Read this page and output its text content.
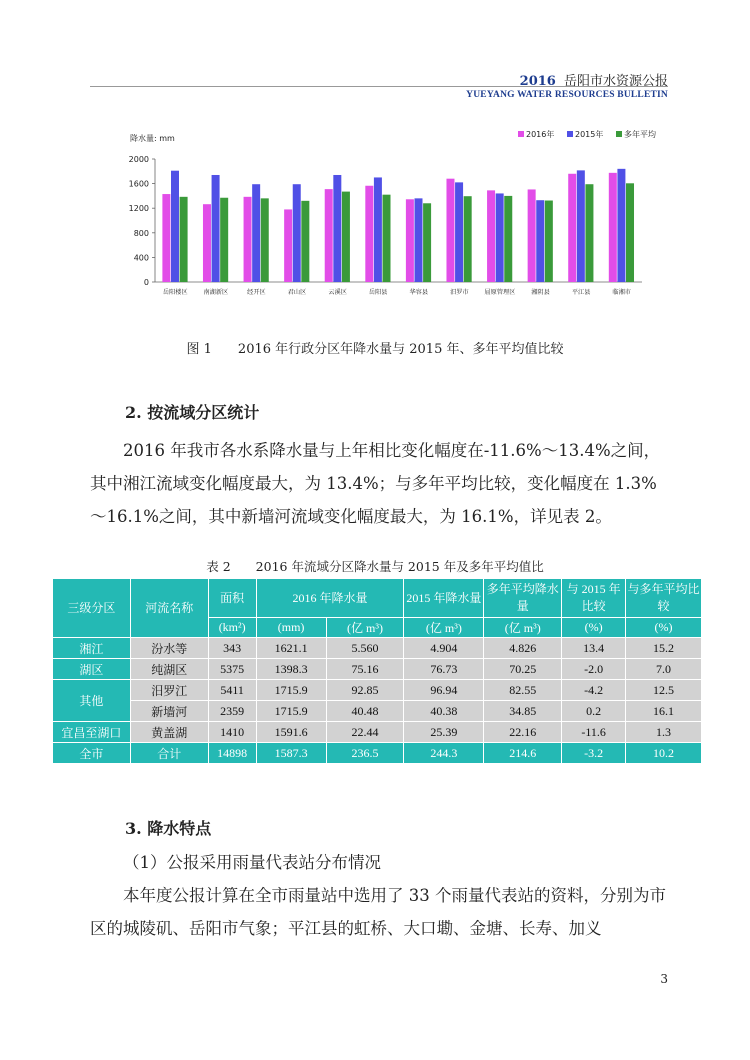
2016 岳阳市水资源公报
YUEYANG WATER RESOURCES BULLETIN
降水量: mm
0
400
800
1200
1600
2000
岳阳楼区	南湖新区	经开区	君山区	云溪区	岳阳县	华容县	汨罗市	屈原管理区	湘阴县	平江县	临湘市
2016年	2015年	多年平均
图 1　　2016 年行政分区年降水量与 2015 年、多年平均值比较
2. 按流域分区统计

2016 年我市各水系降水量与上年相比变化幅度在-11.6%～13.4%之间，其中湘江流域变化幅度最大，为 13.4%；与多年平均比较，变化幅度在 1.3%～16.1%之间，其中新墙河流域变化幅度最大，为 16.1%，详见表 2。

表 2　　2016 年流域分区降水量与 2015 年及多年平均值比
三级分区	河流名称	面积	2016 年降水量		2015 年降水量	多年平均降水量	与 2015 年比较	与多年平均比较
		(km²)	(mm)	(亿 m³)	(亿 m³)	(亿 m³)	(%)	(%)
湘江	汾水等	343	1621.1	5.560	4.904	4.826	13.4	15.2
湖区	纯湖区	5375	1398.3	75.16	76.73	70.25	-2.0	7.0
其他	汨罗江	5411	1715.9	92.85	96.94	82.55	-4.2	12.5
	新墙河	2359	1715.9	40.48	40.38	34.85	0.2	16.1
宜昌至湖口	黄盖湖	1410	1591.6	22.44	25.39	22.16	-11.6	1.3
全市	合计	14898	1587.3	236.5	244.3	214.6	-3.2	10.2
3. 降水特点

（1）公报采用雨量代表站分布情况

本年度公报计算在全市雨量站中选用了 33 个雨量代表站的资料，分别为市区的城陵矶、岳阳市气象；平江县的虹桥、大口墈、金塘、长寿、加义

3
